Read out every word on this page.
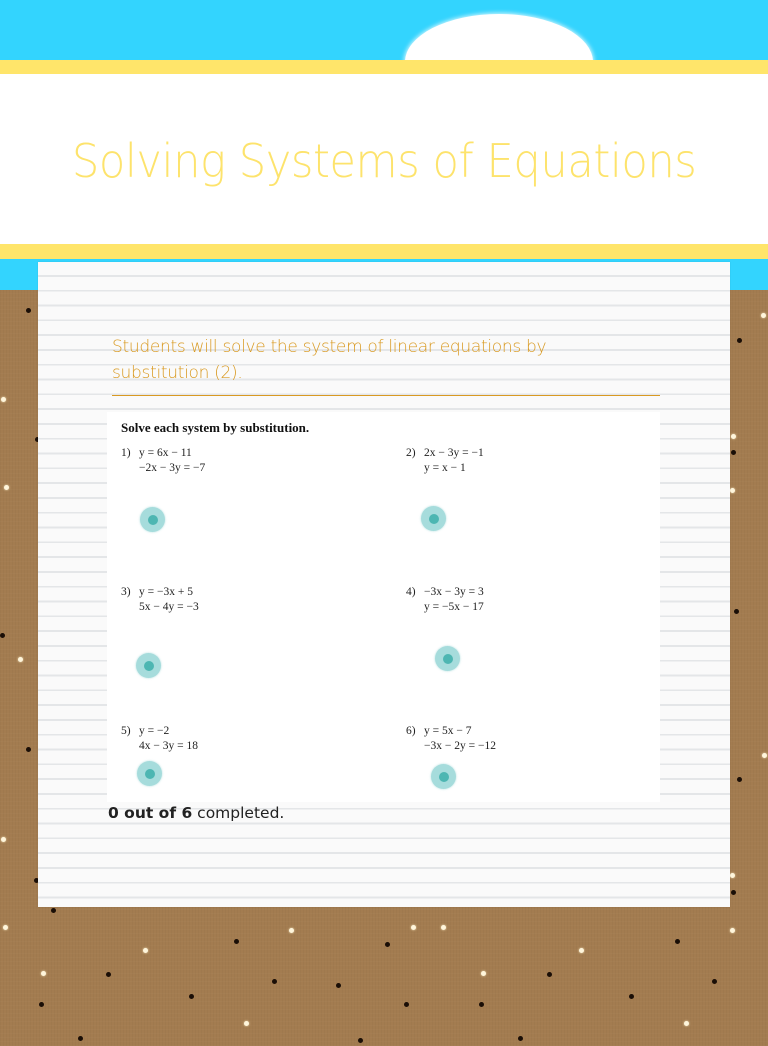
Solving Systems of Equations

Students will solve the system of linear equations by substitution (2).

Solve each system by substitution.
1) y = 6x − 11
−2x − 3y = −7
2) 2x − 3y = −1
y = x − 1
3) y = −3x + 5
5x − 4y = −3
4) −3x − 3y = 3
y = −5x − 17
5) y = −2
4x − 3y = 18
6) y = 5x − 7
−3x − 2y = −12
0 out of 6 completed.
